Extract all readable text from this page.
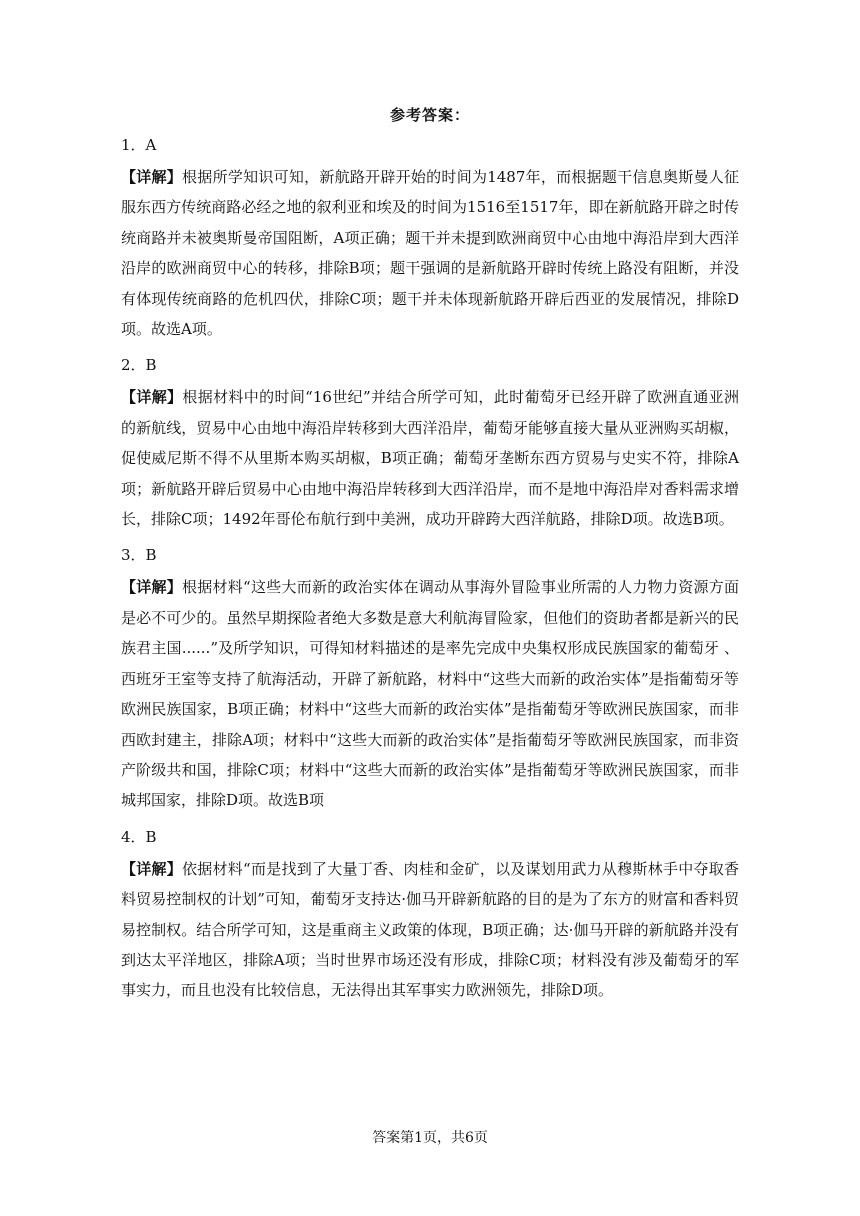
参考答案：
1．A
【详解】根据所学知识可知，新航路开辟开始的时间为1487年，而根据题干信息奥斯曼人征服东西方传统商路必经之地的叙利亚和埃及的时间为1516至1517年，即在新航路开辟之时传统商路并未被奥斯曼帝国阻断，A项正确；题干并未提到欧洲商贸中心由地中海沿岸到大西洋沿岸的欧洲商贸中心的转移，排除B项；题干强调的是新航路开辟时传统上路没有阻断，并没有体现传统商路的危机四伏，排除C项；题干并未体现新航路开辟后西亚的发展情况，排除D项。故选A项。
2．B
【详解】根据材料中的时间“16世纪”并结合所学可知，此时葡萄牙已经开辟了欧洲直通亚洲的新航线，贸易中心由地中海沿岸转移到大西洋沿岸，葡萄牙能够直接大量从亚洲购买胡椒，促使威尼斯不得不从里斯本购买胡椒，B项正确；葡萄牙垄断东西方贸易与史实不符，排除A项；新航路开辟后贸易中心由地中海沿岸转移到大西洋沿岸，而不是地中海沿岸对香料需求增长，排除C项；1492年哥伦布航行到中美洲，成功开辟跨大西洋航路，排除D项。故选B项。
3．B
【详解】根据材料“这些大而新的政治实体在调动从事海外冒险事业所需的人力物力资源方面是必不可少的。虽然早期探险者绝大多数是意大利航海冒险家，但他们的资助者都是新兴的民族君主国......”及所学知识，可得知材料描述的是率先完成中央集权形成民族国家的葡萄牙 、西班牙王室等支持了航海活动，开辟了新航路，材料中“这些大而新的政治实体”是指葡萄牙等欧洲民族国家，B项正确；材料中“这些大而新的政治实体”是指葡萄牙等欧洲民族国家，而非西欧封建主，排除A项；材料中“这些大而新的政治实体”是指葡萄牙等欧洲民族国家，而非资产阶级共和国，排除C项；材料中“这些大而新的政治实体”是指葡萄牙等欧洲民族国家，而非城邦国家，排除D项。故选B项
4．B
【详解】依据材料“而是找到了大量丁香、肉桂和金矿，以及谋划用武力从穆斯林手中夺取香料贸易控制权的计划”可知，葡萄牙支持达·伽马开辟新航路的目的是为了东方的财富和香料贸易控制权。结合所学可知，这是重商主义政策的体现，B项正确；达·伽马开辟的新航路并没有到达太平洋地区，排除A项；当时世界市场还没有形成，排除C项；材料没有涉及葡萄牙的军事实力，而且也没有比较信息，无法得出其军事实力欧洲领先，排除D项。
答案第1页，共6页
